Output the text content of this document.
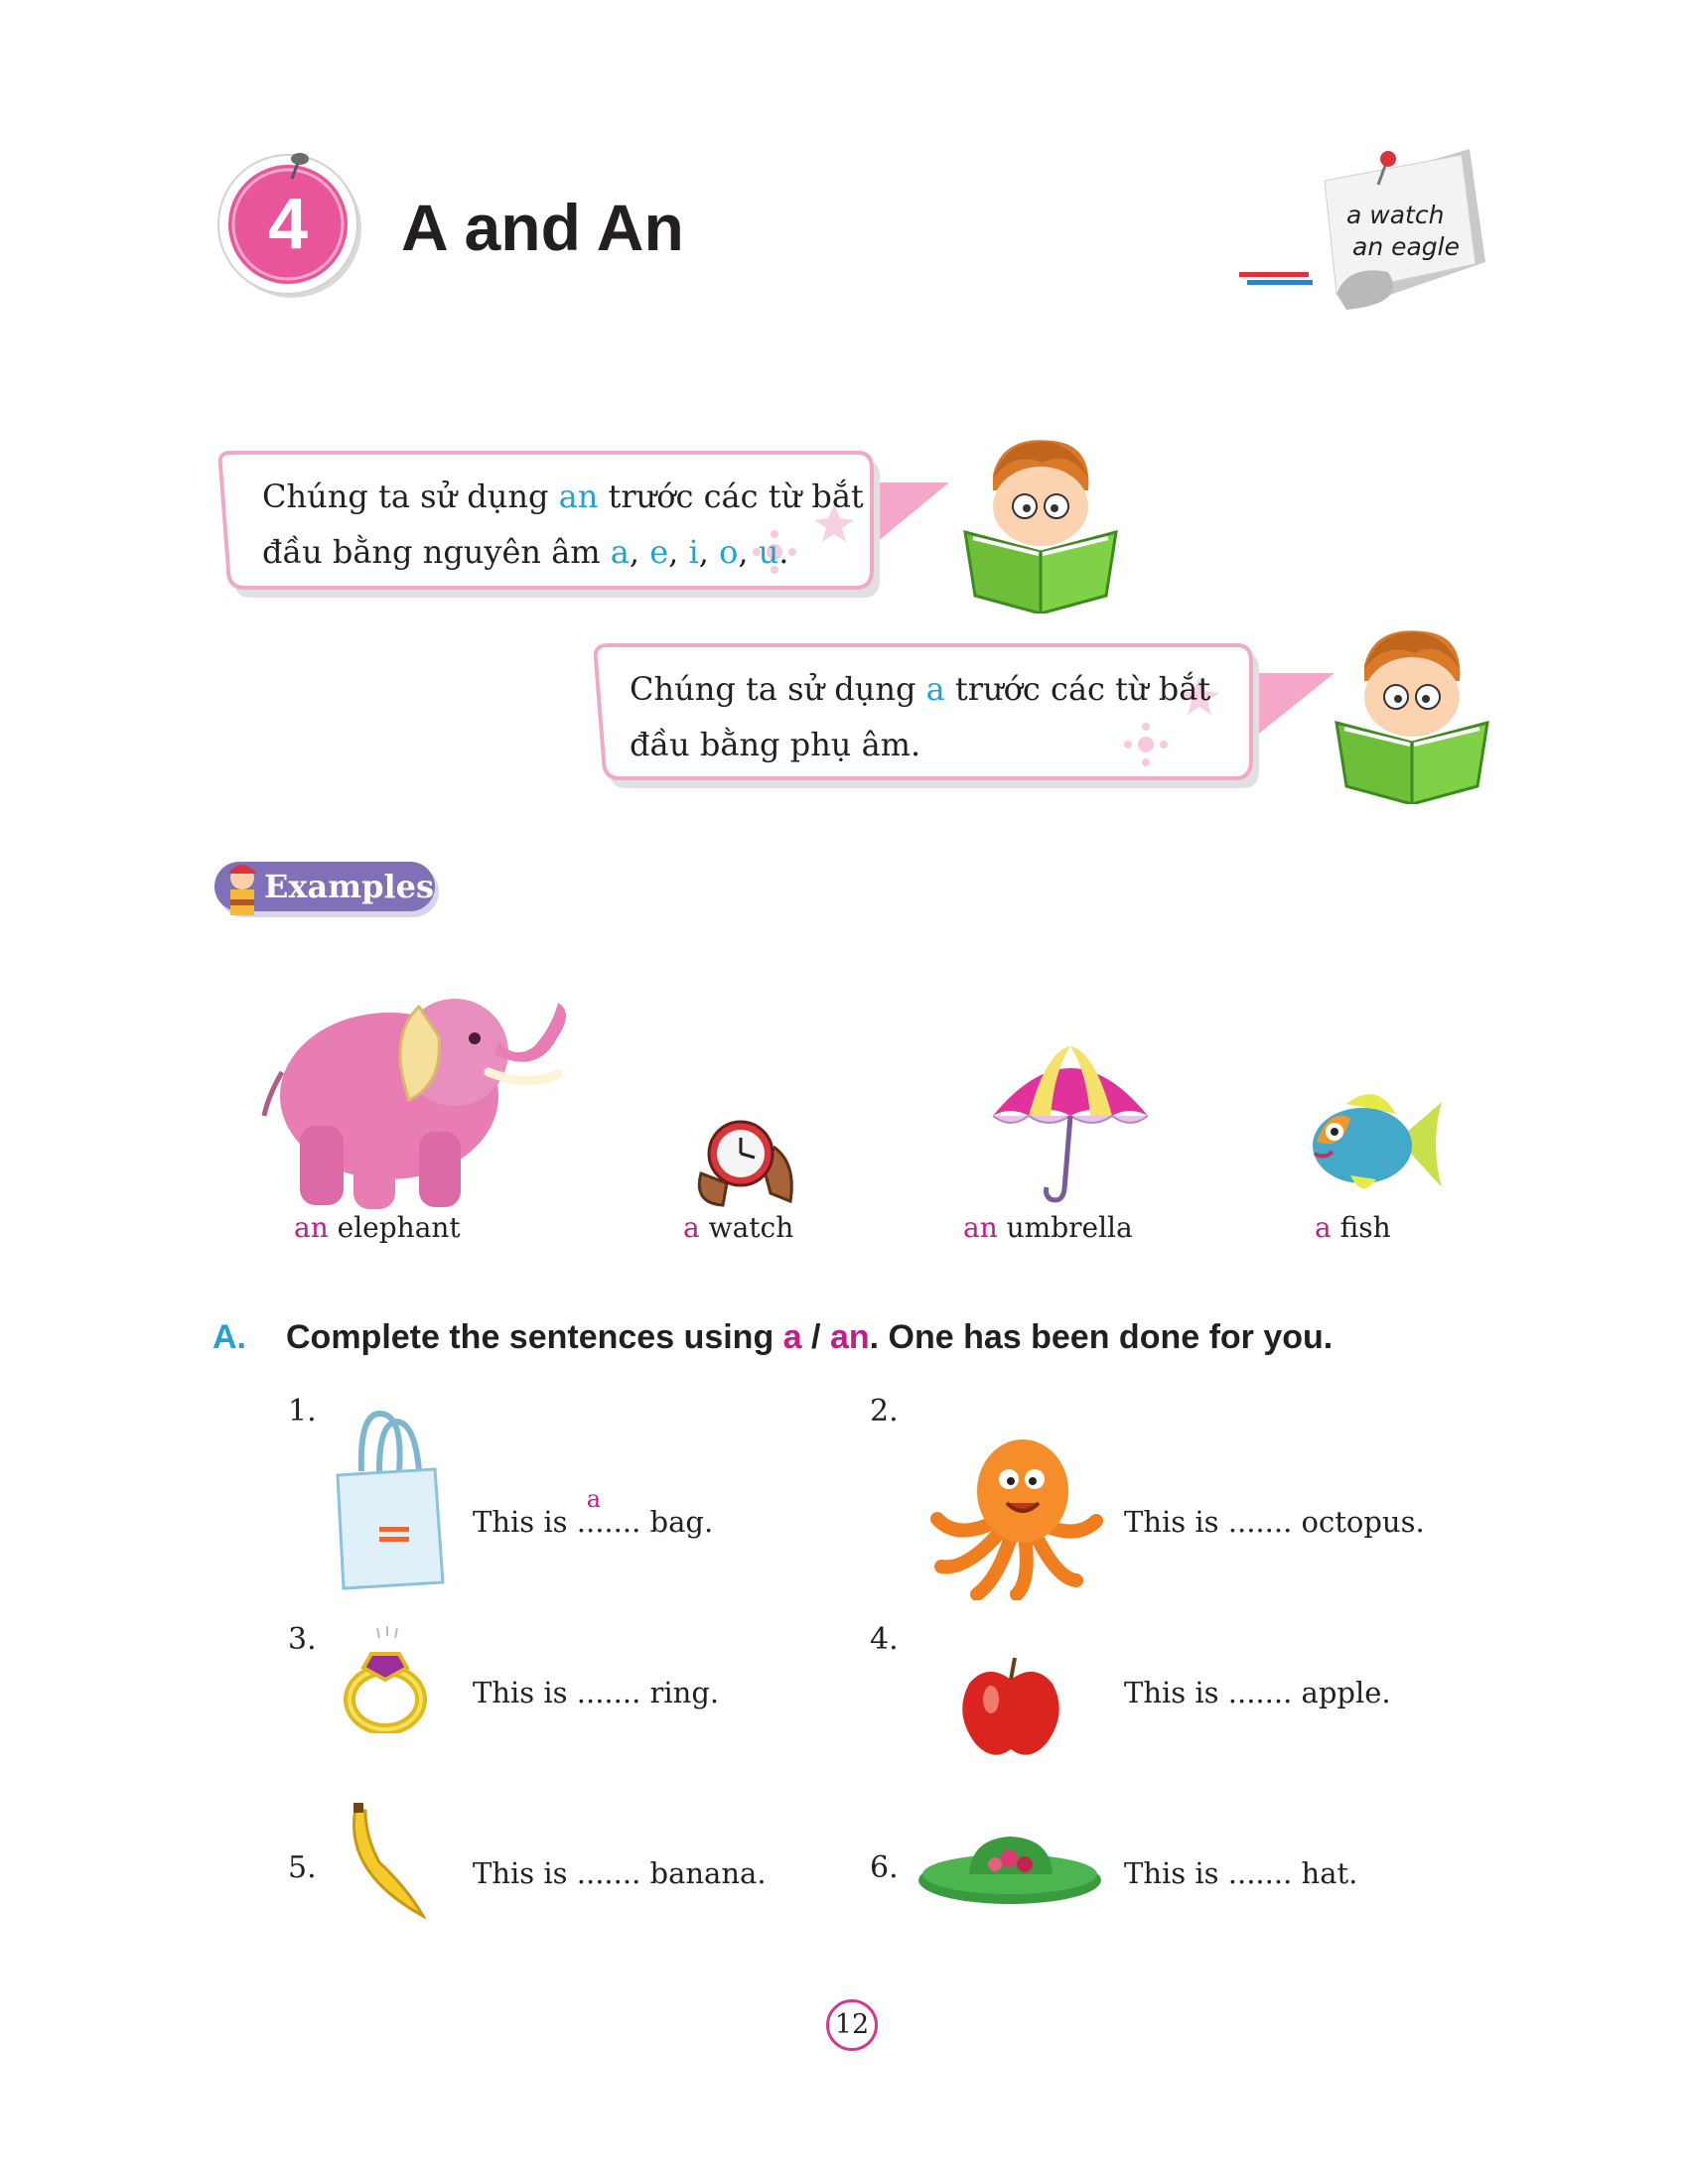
4 A and An	a watch
an eagle
Chúng ta sử dụng an trước các từ bắt
đầu bằng nguyên âm a, e, i, o, u.
Chúng ta sử dụng a trước các từ bắt
đầu bằng phụ âm.
Examples
an elephant	a watch	an umbrella	a fish
A. Complete the sentences using a / an. One has been done for you.
1.
This is .......
a
bag.
2.
This is ....... octopus.
3.
This is ....... ring.
4.
This is ....... apple.
5.	This is ....... banana.	6.	This is ....... hat.
12
